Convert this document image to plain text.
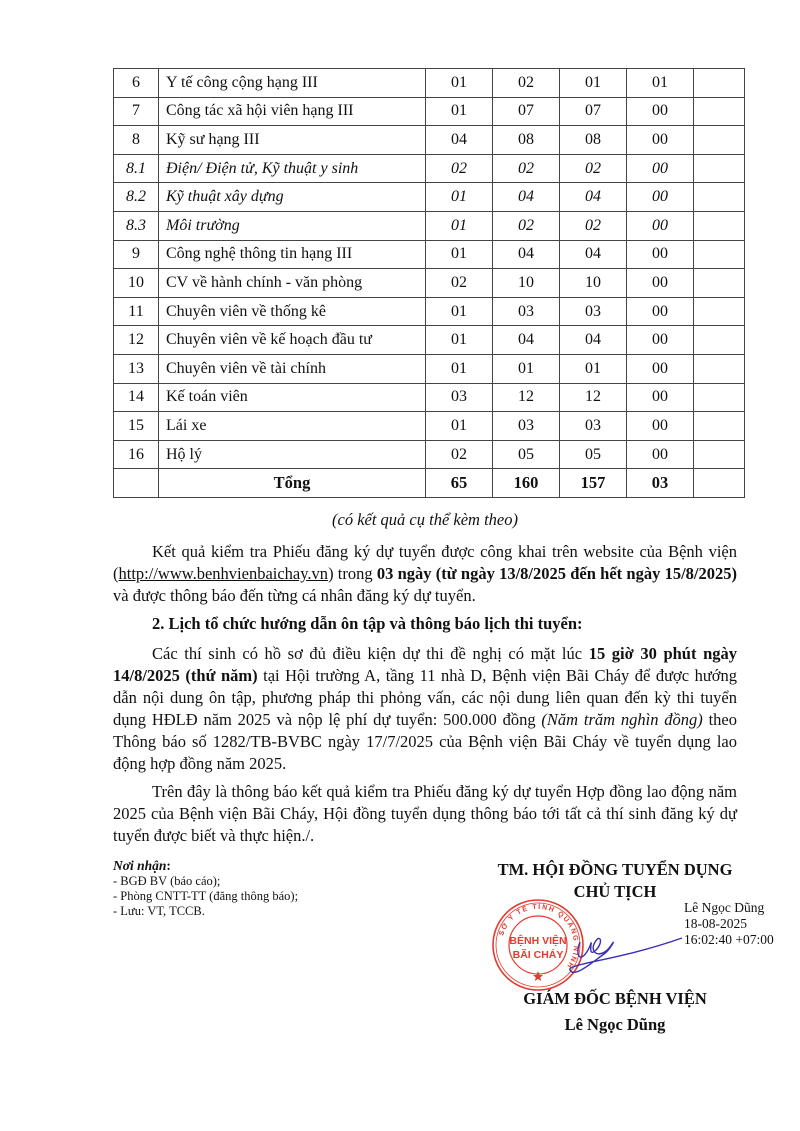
6	Y tế công cộng hạng III	01	02	01	01	
7	Công tác xã hội viên hạng III	01	07	07	00	
8	Kỹ sư hạng III	04	08	08	00	
8.1	Điện/ Điện tử, Kỹ thuật y sinh	02	02	02	00	
8.2	Kỹ thuật xây dựng	01	04	04	00	
8.3	Môi trường	01	02	02	00	
9	Công nghệ thông tin hạng III	01	04	04	00	
10	CV về hành chính - văn phòng	02	10	10	00	
11	Chuyên viên về thống kê	01	03	03	00	
12	Chuyên viên về kế hoạch đầu tư	01	04	04	00	
13	Chuyên viên về tài chính	01	01	01	00	
14	Kế toán viên	03	12	12	00	
15	Lái xe	01	03	03	00	
16	Hộ lý	02	05	05	00	
	Tổng	65	160	157	03	
(có kết quả cụ thể kèm theo)
Kết quả kiểm tra Phiếu đăng ký dự tuyển được công khai trên website của Bệnh viện (http://www.benhvienbaichay.vn) trong 03 ngày (từ ngày 13/8/2025 đến hết ngày 15/8/2025) và được thông báo đến từng cá nhân đăng ký dự tuyển.
2. Lịch tổ chức hướng dẫn ôn tập và thông báo lịch thi tuyển:
Các thí sinh có hồ sơ đủ điều kiện dự thi đề nghị có mặt lúc 15 giờ 30 phút ngày 14/8/2025 (thứ năm) tại Hội trường A, tầng 11 nhà D, Bệnh viện Bãi Cháy để được hướng dẫn nội dung ôn tập, phương pháp thi phỏng vấn, các nội dung liên quan đến kỳ thi tuyển dụng HĐLĐ năm 2025 và nộp lệ phí dự tuyển: 500.000 đồng (Năm trăm nghìn đồng) theo Thông báo số 1282/TB-BVBC ngày 17/7/2025 của Bệnh viện Bãi Cháy về tuyển dụng lao động hợp đồng năm 2025.
Trên đây là thông báo kết quả kiểm tra Phiếu đăng ký dự tuyển Hợp đồng lao động năm 2025 của Bệnh viện Bãi Cháy, Hội đồng tuyển dụng thông báo tới tất cả thí sinh đăng ký dự tuyển được biết và thực hiện./.
Nơi nhận:
- BGĐ BV (báo cáo);
- Phòng CNTT-TT (đăng thông báo);
- Lưu: VT, TCCB.
TM. HỘI ĐỒNG TUYỂN DỤNG
CHỦ TỊCH
SỞ Y TẾ TỈNH QUẢNG NINH
BỆNH VIỆN
BÃI CHÁY
Lê Ngọc Dũng
18-08-2025
16:02:40 +07:00
GIÁM ĐỐC BỆNH VIỆN
Lê Ngọc Dũng
